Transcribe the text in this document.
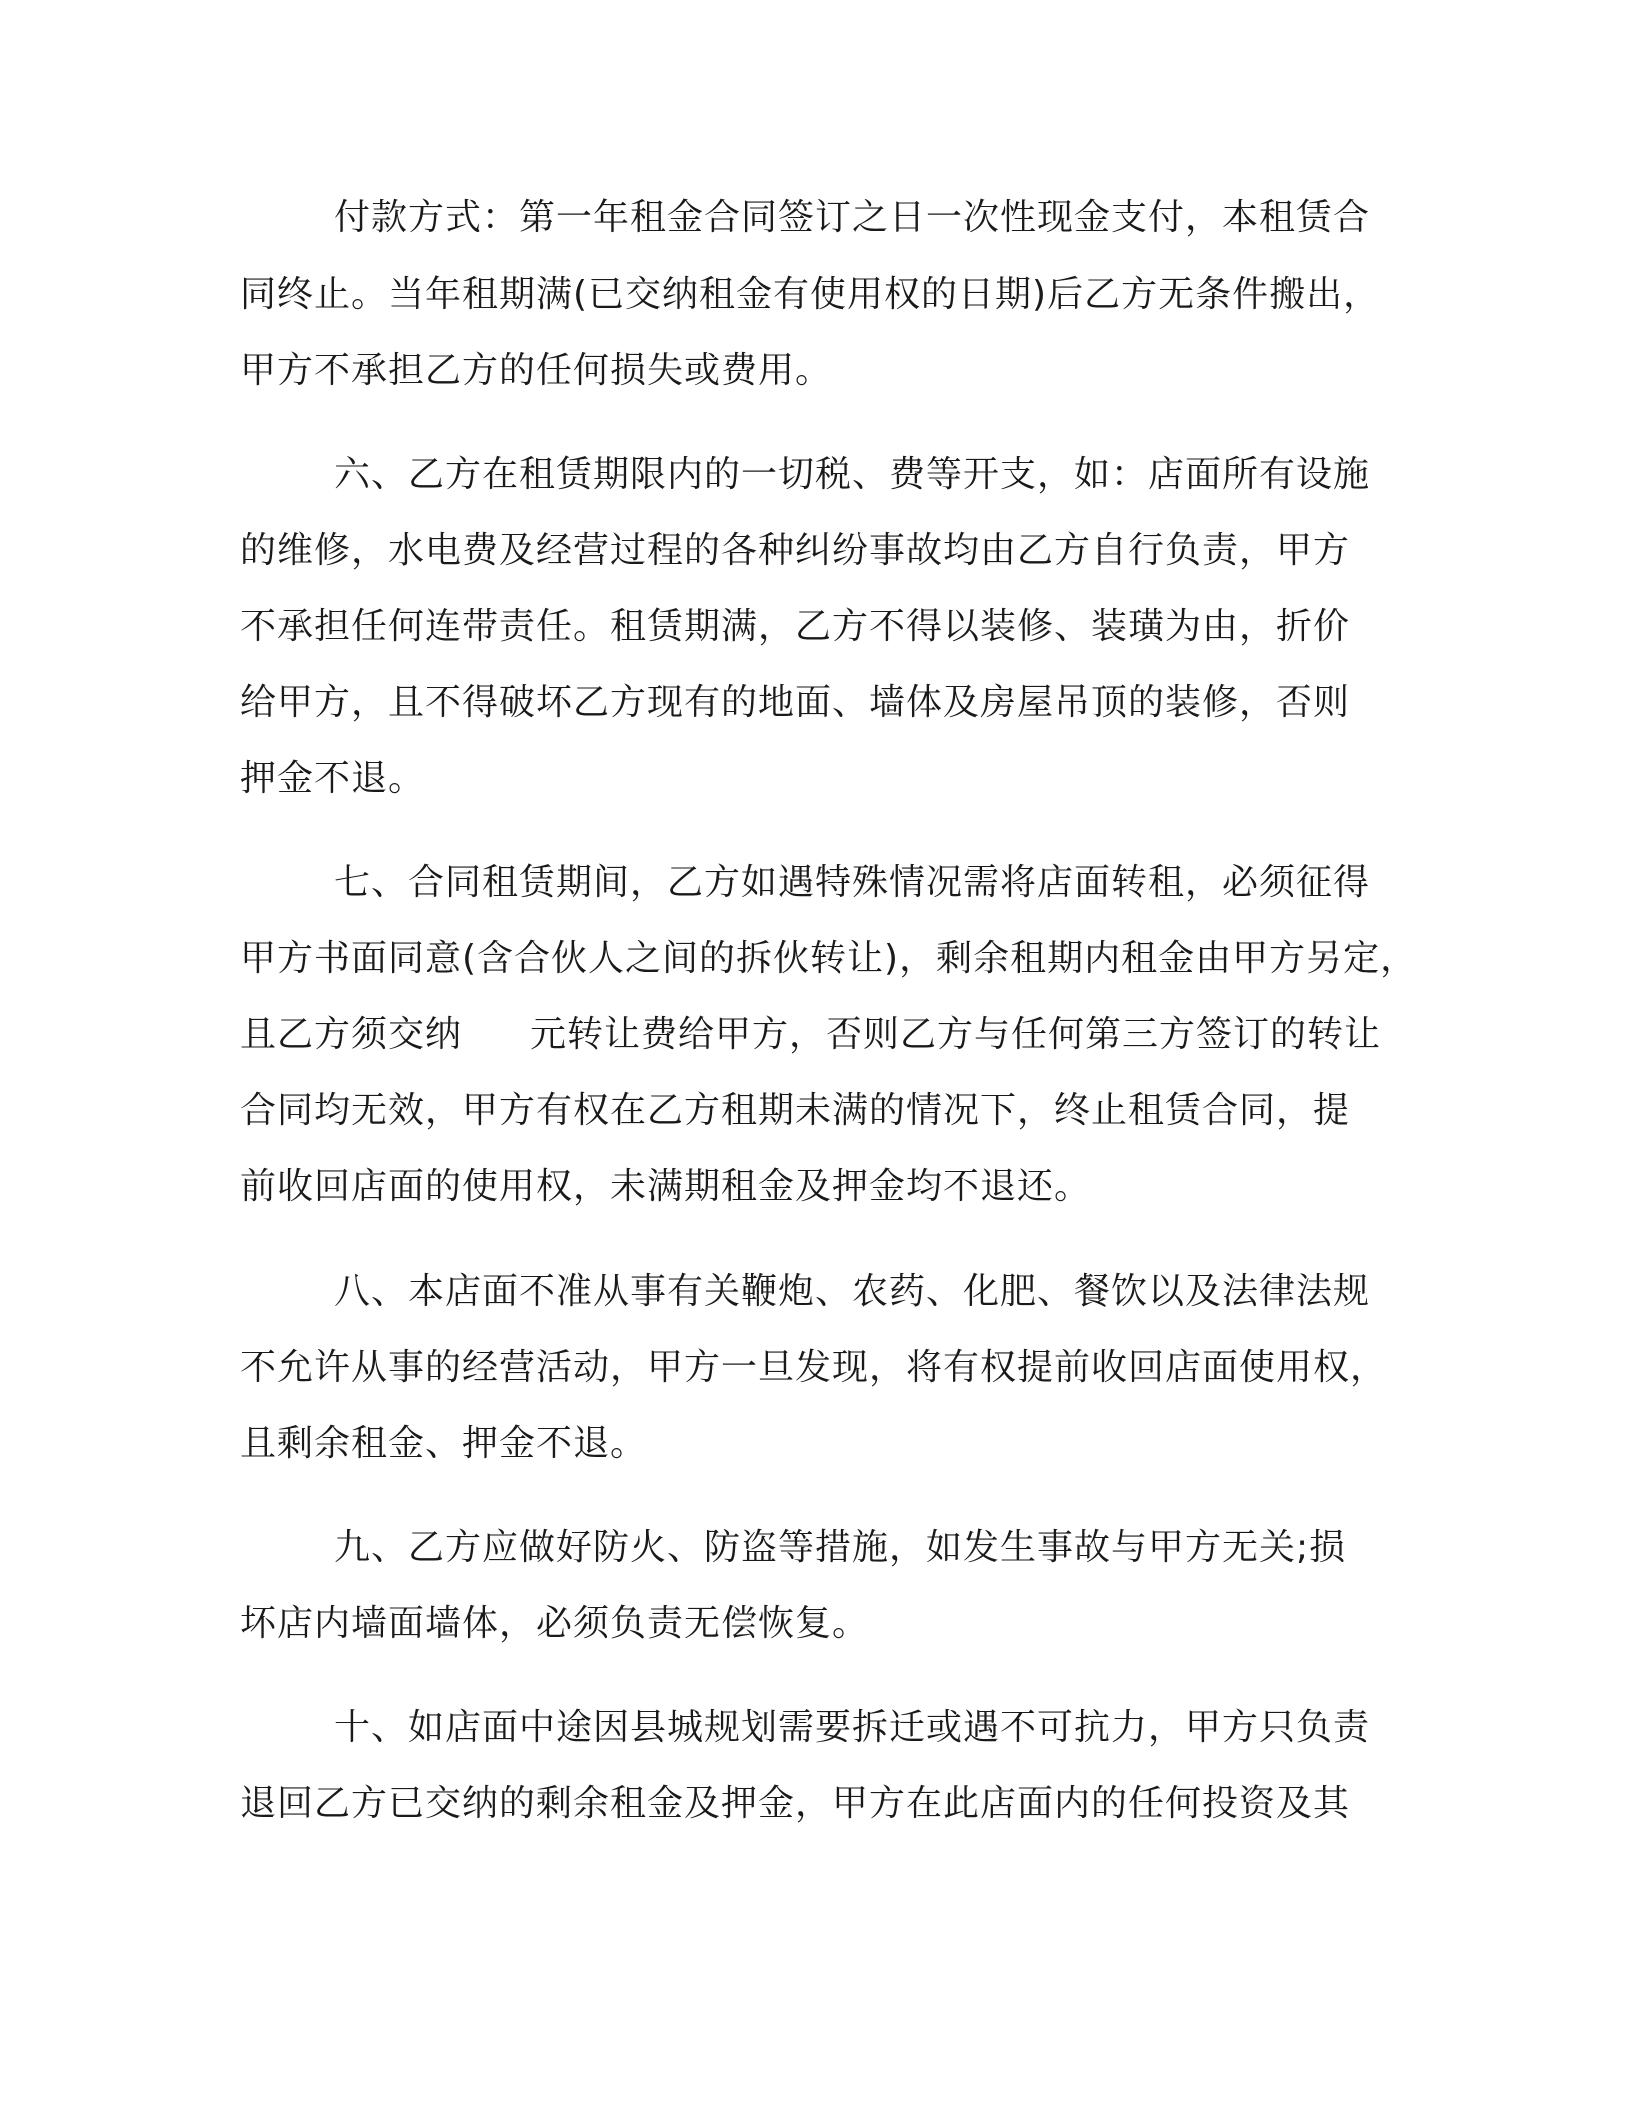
付款方式：第一年租金合同签订之日一次性现金支付，本租赁合
同终止。当年租期满(已交纳租金有使用权的日期)后乙方无条件搬出，
甲方不承担乙方的任何损失或费用。
六、乙方在租赁期限内的一切税、费等开支，如：店面所有设施
的维修，水电费及经营过程的各种纠纷事故均由乙方自行负责，甲方
不承担任何连带责任。租赁期满，乙方不得以装修、装璜为由，折价
给甲方，且不得破坏乙方现有的地面、墙体及房屋吊顶的装修，否则
押金不退。
七、合同租赁期间，乙方如遇特殊情况需将店面转租，必须征得
甲方书面同意(含合伙人之间的拆伙转让)，剩余租期内租金由甲方另定，
且乙方须交纳 元转让费给甲方，否则乙方与任何第三方签订的转让
合同均无效，甲方有权在乙方租期未满的情况下，终止租赁合同，提
前收回店面的使用权，未满期租金及押金均不退还。
八、本店面不准从事有关鞭炮、农药、化肥、餐饮以及法律法规
不允许从事的经营活动，甲方一旦发现，将有权提前收回店面使用权，
且剩余租金、押金不退。
九、乙方应做好防火、防盗等措施，如发生事故与甲方无关;损
坏店内墙面墙体，必须负责无偿恢复。
十、如店面中途因县城规划需要拆迁或遇不可抗力，甲方只负责
退回乙方已交纳的剩余租金及押金，甲方在此店面内的任何投资及其
